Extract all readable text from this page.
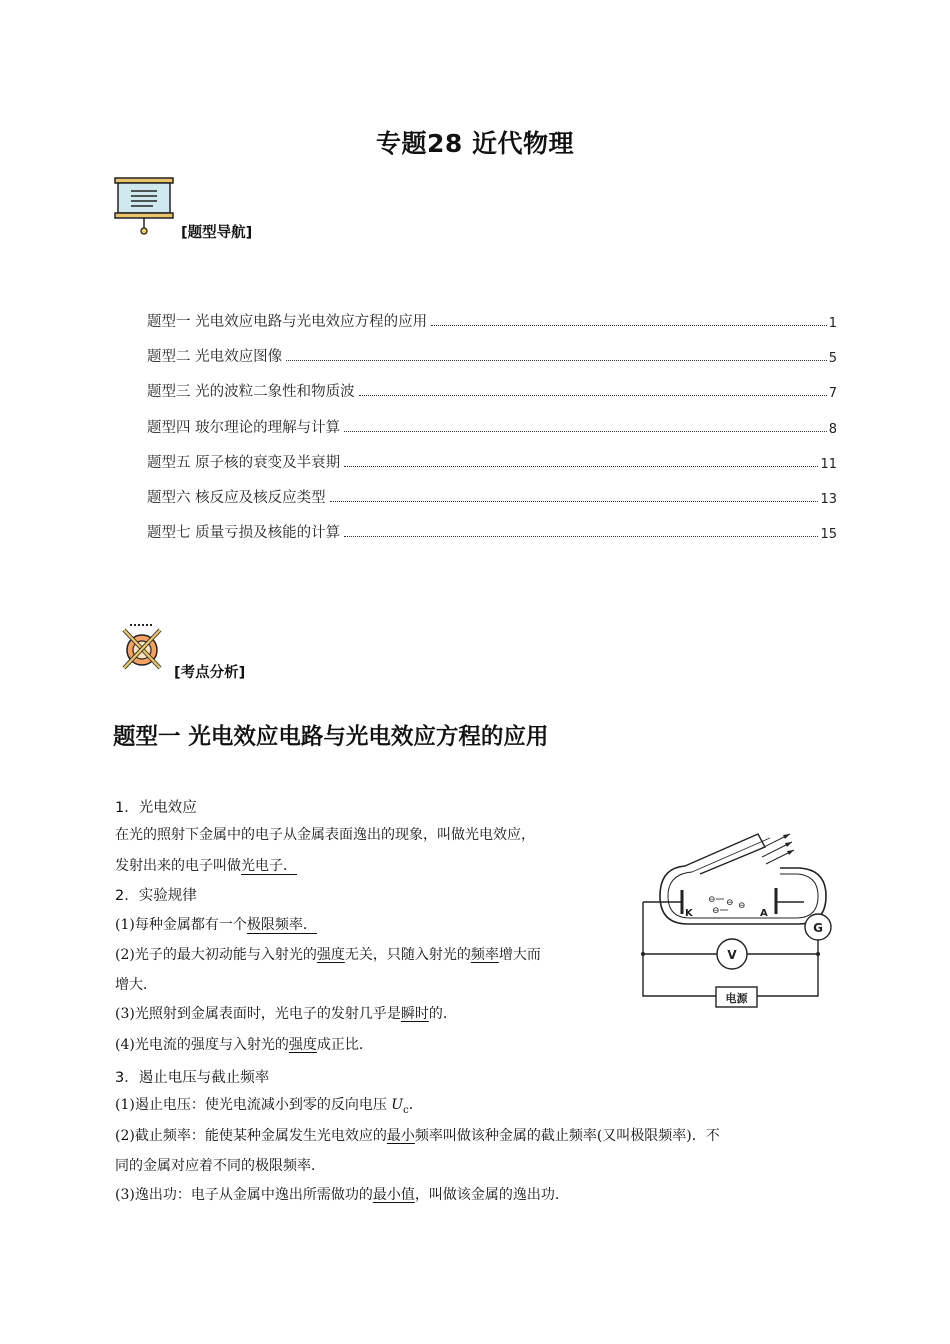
专题28 近代物理
[题型导航]
题型一 光电效应电路与光电效应方程的应用	1
题型二 光电效应图像	5
题型三 光的波粒二象性和物质波	7
题型四 玻尔理论的理解与计算	8
题型五 原子核的衰变及半衰期	11
题型六 核反应及核反应类型	13
题型七 质量亏损及核能的计算	15
[考点分析]
题型一 光电效应电路与光电效应方程的应用
1．光电效应
在光的照射下金属中的电子从金属表面逸出的现象，叫做光电效应，
发射出来的电子叫做光电子．
2．实验规律
(1)每种金属都有一个极限频率．
(2)光子的最大初动能与入射光的强度无关，只随入射光的频率增大而
增大．
(3)光照射到金属表面时，光电子的发射几乎是瞬时的．
(4)光电流的强度与入射光的强度成正比．
3．遏止电压与截止频率
(1)遏止电压：使光电流减小到零的反向电压 $U_c$．
(2)截止频率：能使某种金属发生光电效应的最小频率叫做该种金属的截止频率(又叫极限频率)．不
同的金属对应着不同的极限频率．
(3)逸出功：电子从金属中逸出所需做功的最小值，叫做该金属的逸出功．
K	A
⊖ ⊖ ⊖
⊖
G
V
电源
